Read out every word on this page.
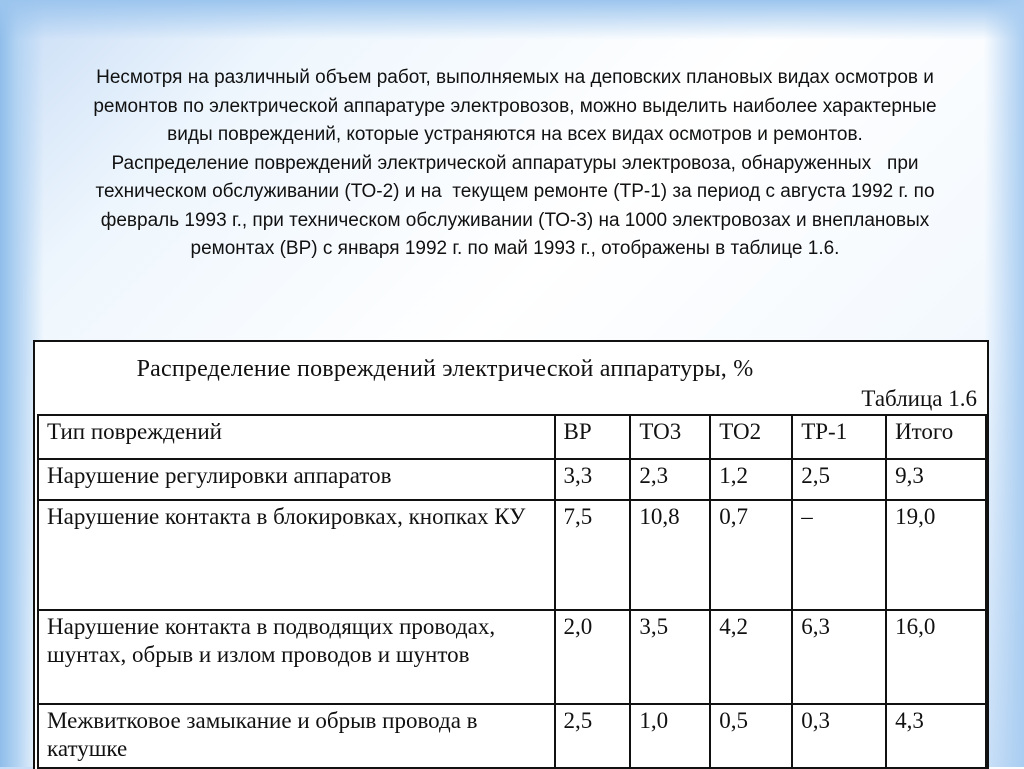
Несмотря на различный объем работ, выполняемых на деповских плановых видах осмотров и ремонтов по электрической аппаратуре электровозов, можно выделить наиболее характерные виды повреждений, которые устраняются на всех видах осмотров и ремонтов.

Распределение повреждений электрической аппаратуры электровоза, обнаруженных   при техническом обслуживании (ТО-2) и на  текущем ремонте (ТР-1) за период с августа 1992 г. по февраль 1993 г., при техническом обслуживании (ТО-3) на 1000 электровозах и внеплановых ремонтах (ВР) с января 1992 г. по май 1993 г., отображены в таблице 1.6.

Распределение повреждений электрической аппаратуры, %
Таблица 1.6
Тип повреждений	ВР	ТО3	ТО2	ТР-1	Итого
Нарушение регулировки аппаратов	3,3	2,3	1,2	2,5	9,3
Нарушение контакта в блокировках, кнопках КУ	7,5	10,8	0,7	–	19,0
Нарушение контакта в подводящих проводах, шунтах, обрыв и излом проводов и шунтов	2,0	3,5	4,2	6,3	16,0
Межвитковое замыкание и обрыв провода в катушке	2,5	1,0	0,5	0,3	4,3
